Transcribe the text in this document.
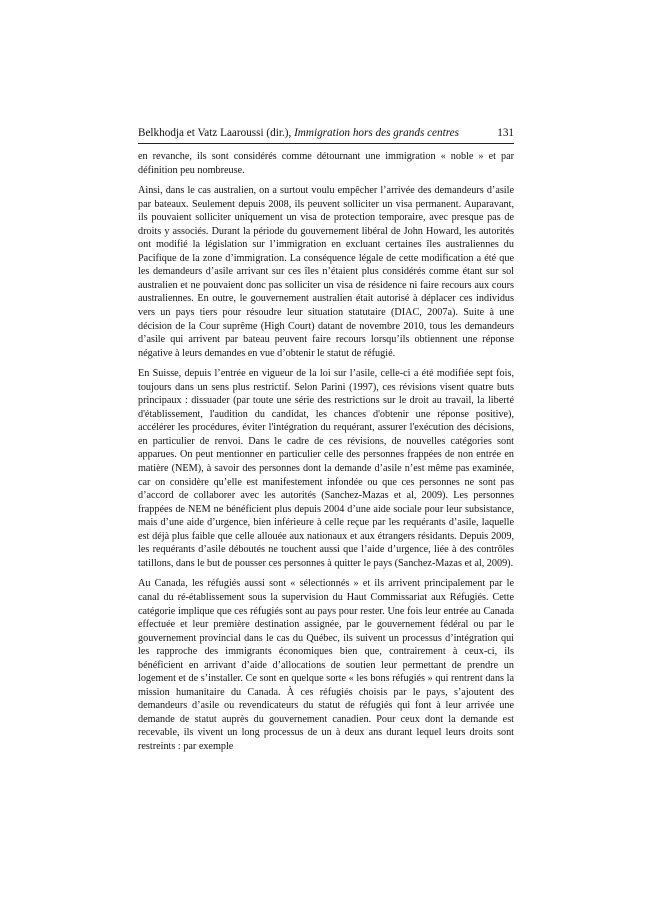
Belkhodja et Vatz Laaroussi (dir.), Immigration hors des grands centres	131

en revanche, ils sont considérés comme détournant une immigration « noble » et par définition peu nombreuse.

Ainsi, dans le cas australien, on a surtout voulu empêcher l’arrivée des demandeurs d’asile par bateaux. Seulement depuis 2008, ils peuvent solliciter un visa permanent. Auparavant, ils pouvaient solliciter uniquement un visa de protection temporaire, avec presque pas de droits y associés. Durant la période du gouvernement libéral de John Howard, les autorités ont modifié la législation sur l’immigration en excluant certaines îles australiennes du Pacifique de la zone d’immigration. La conséquence légale de cette modification a été que les demandeurs d’asile arrivant sur ces îles n’étaient plus considérés comme étant sur sol australien et ne pouvaient donc pas solliciter un visa de résidence ni faire recours aux cours australiennes. En outre, le gouvernement australien était autorisé à déplacer ces individus vers un pays tiers pour résoudre leur situation statutaire (DIAC, 2007a). Suite à une décision de la Cour suprême (High Court) datant de novembre 2010, tous les demandeurs d’asile qui arrivent par bateau peuvent faire recours lorsqu’ils obtiennent une réponse négative à leurs demandes en vue d’obtenir le statut de réfugié.

En Suisse, depuis l’entrée en vigueur de la loi sur l’asile, celle-ci a été modifiée sept fois, toujours dans un sens plus restrictif. Selon Parini (1997), ces révisions visent quatre buts principaux : dissuader (par toute une série des restrictions sur le droit au travail, la liberté d'établissement, l'audition du candidat, les chances d'obtenir une réponse positive), accélérer les procédures, éviter l'intégration du requérant, assurer l'exécution des décisions, en particulier de renvoi. Dans le cadre de ces révisions, de nouvelles catégories sont apparues. On peut mentionner en particulier celle des personnes frappées de non entrée en matière (NEM), à savoir des personnes dont la demande d’asile n’est même pas examinée, car on considère qu’elle est manifestement infondée ou que ces personnes ne sont pas d’accord de collaborer avec les autorités (Sanchez-Mazas et al, 2009). Les personnes frappées de NEM ne bénéficient plus depuis 2004 d’une aide sociale pour leur subsistance, mais d’une aide d’urgence, bien inférieure à celle reçue par les requérants d’asile, laquelle est déjà plus faible que celle allouée aux nationaux et aux étrangers résidants. Depuis 2009, les requérants d’asile déboutés ne touchent aussi que l’aide d’urgence, liée à des contrôles tatillons, dans le but de pousser ces personnes à quitter le pays (Sanchez-Mazas et al, 2009).

Au Canada, les réfugiés aussi sont « sélectionnés » et ils arrivent principalement par le canal du ré-établissement sous la supervision du Haut Commissariat aux Réfugiés. Cette catégorie implique que ces réfugiés sont au pays pour rester. Une fois leur entrée au Canada effectuée et leur première destination assignée, par le gouvernement fédéral ou par le gouvernement provincial dans le cas du Québec, ils suivent un processus d’intégration qui les rapproche des immigrants économiques bien que, contrairement à ceux-ci, ils bénéficient en arrivant d’aide d’allocations de soutien leur permettant de prendre un logement et de s’installer. Ce sont en quelque sorte « les bons réfugiés » qui rentrent dans la mission humanitaire du Canada. À ces réfugiés choisis par le pays, s’ajoutent des demandeurs d’asile ou revendicateurs du statut de réfugiés qui font à leur arrivée une demande de statut auprès du gouvernement canadien. Pour ceux dont la demande est recevable, ils vivent un long processus de un à deux ans durant lequel leurs droits sont restreints : par exemple
